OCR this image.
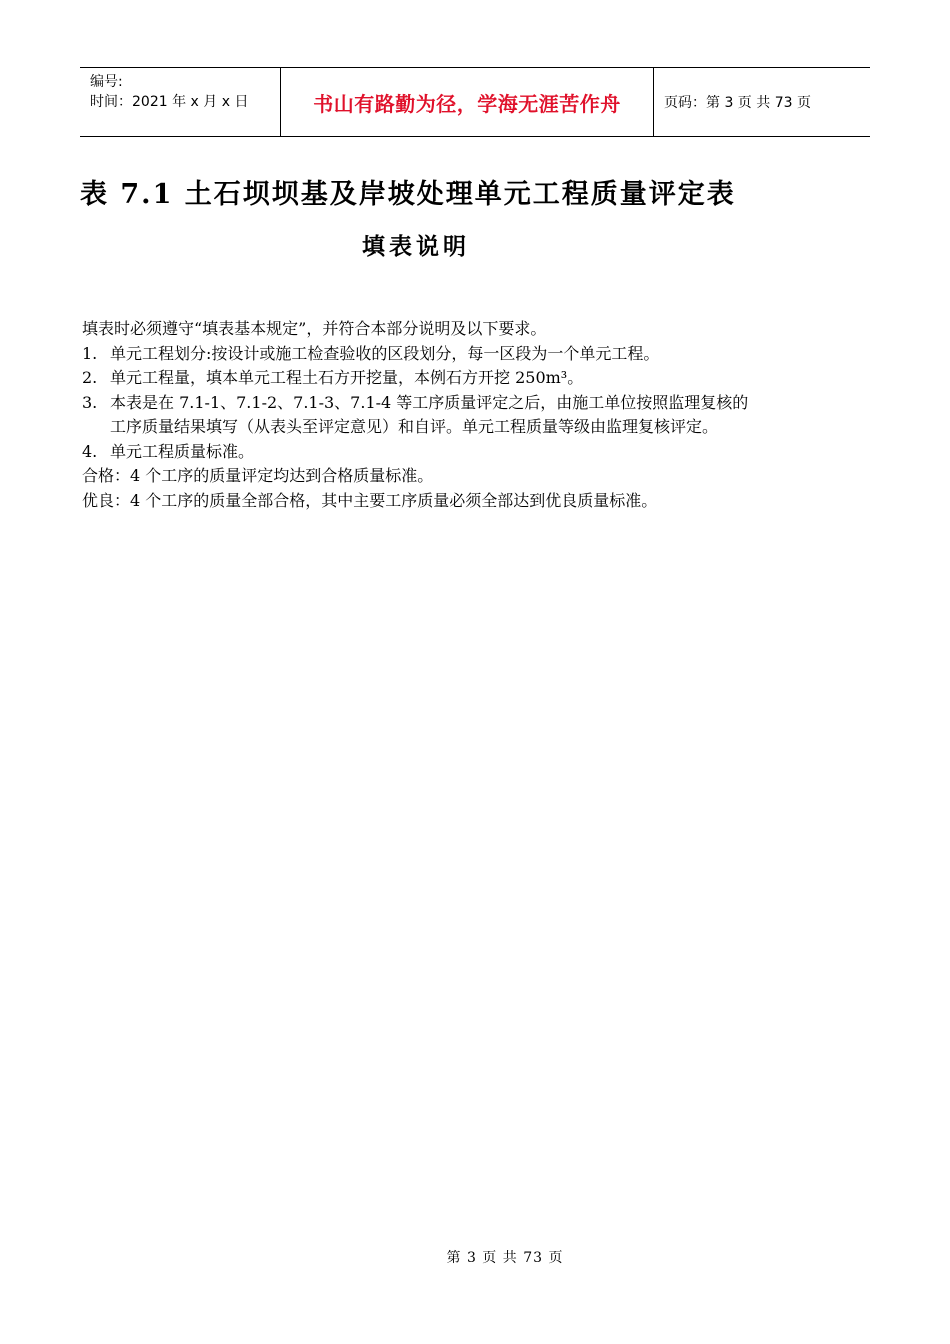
编号:
时间：2021 年 x 月 x 日	书山有路勤为径，学海无涯苦作舟	页码：第 3 页 共 73 页
表 7.1 土石坝坝基及岸坡处理单元工程质量评定表
填表说明

填表时必须遵守“填表基本规定”，并符合本部分说明及以下要求。

1. 单元工程划分:按设计或施工检查验收的区段划分，每一区段为一个单元工程。

2. 单元工程量，填本单元工程土石方开挖量，本例石方开挖 250m³。

3. 本表是在 7.1-1、7.1-2、7.1-3、7.1-4 等工序质量评定之后，由施工单位按照监理复核的

工序质量结果填写（从表头至评定意见）和自评。单元工程质量等级由监理复核评定。

4. 单元工程质量标准。

合格：4 个工序的质量评定均达到合格质量标准。

优良：4 个工序的质量全部合格，其中主要工序质量必须全部达到优良质量标准。

第 3 页 共 73 页
